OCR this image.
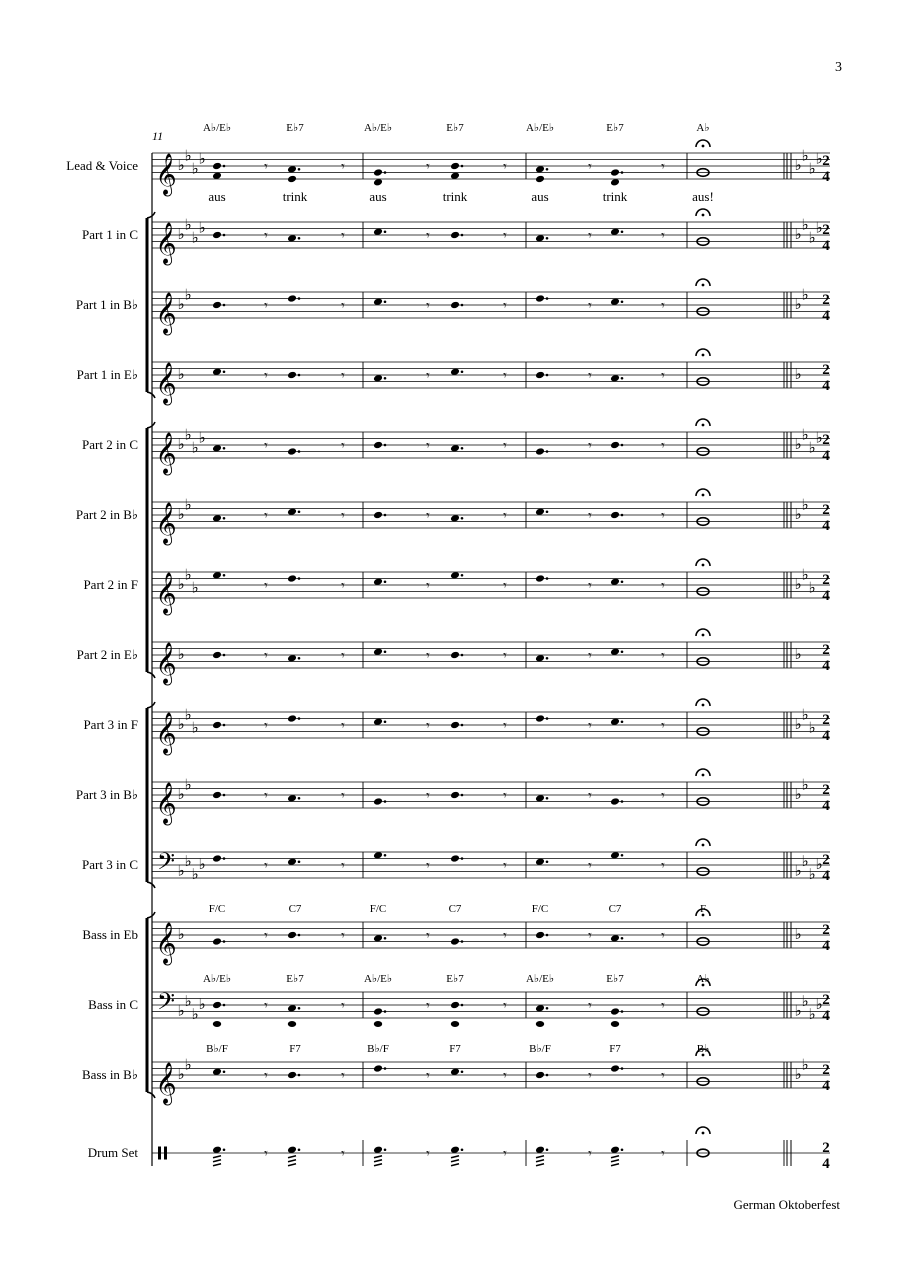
11
𝄞 ♭
♭
♭
♭
Lead & Voice	♭
♭
♭
♭ 2
4
𝄾	𝄾	𝄾	𝄾	𝄾	𝄾
𝄞 ♭
♭
♭
♭
Part 1 in C	♭
♭
♭
♭ 2
4
𝄾	𝄾	𝄾	𝄾	𝄾	𝄾
𝄞 ♭
♭
Part 1 in B♭	♭
♭ 2
4
𝄾	𝄾	𝄾	𝄾	𝄾	𝄾
𝄞 ♭
Part 1 in E♭	♭ 2
4
𝄾	𝄾	𝄾	𝄾	𝄾	𝄾
𝄞 ♭
♭
♭
♭
Part 2 in C	♭
♭
♭
♭ 2
4
𝄾	𝄾	𝄾	𝄾	𝄾	𝄾
𝄞 ♭
♭
Part 2 in B♭	♭
♭ 2
4
𝄾	𝄾	𝄾	𝄾	𝄾	𝄾
𝄞 ♭
♭
♭
Part 2 in F	♭
♭
♭
2
4
𝄾	𝄾	𝄾	𝄾	𝄾	𝄾
𝄞 ♭
Part 2 in E♭	♭ 2
4
𝄾	𝄾	𝄾	𝄾	𝄾	𝄾
𝄞 ♭
♭
♭
Part 3 in F	♭
♭
♭
2
4
𝄾	𝄾	𝄾	𝄾	𝄾	𝄾
𝄞 ♭
♭
Part 3 in B♭	♭
♭ 2
4
𝄾	𝄾	𝄾	𝄾	𝄾	𝄾
𝄢 ♭
♭
♭
♭
Part 3 in C	♭
♭
♭
♭ 2
4
𝄾	𝄾	𝄾	𝄾	𝄾	𝄾
𝄞 ♭
Bass in Eb	♭ 2
4
𝄾	𝄾	𝄾	𝄾	𝄾	𝄾
𝄢 ♭
♭
♭
♭
Bass in C	♭
♭
♭
♭ 2
4
𝄾	𝄾	𝄾	𝄾	𝄾	𝄾
𝄞 ♭
♭
Bass in B♭	♭
♭ 2
4
𝄾	𝄾	𝄾	𝄾	𝄾	𝄾
Drum Set	2
4
𝄾	𝄾	𝄾	𝄾	𝄾	𝄾
A♭/E♭	E♭7	A♭/E♭	E♭7	A♭/E♭	E♭7	A♭
F/C	C7	F/C	C7	F/C	C7	F
A♭/E♭	E♭7	A♭/E♭	E♭7	A♭/E♭	E♭7	A♭
B♭/F	F7	B♭/F	F7	B♭/F	F7	B♭
aus	trink	aus	trink	aus	trink	aus!
3
German Oktoberfest
